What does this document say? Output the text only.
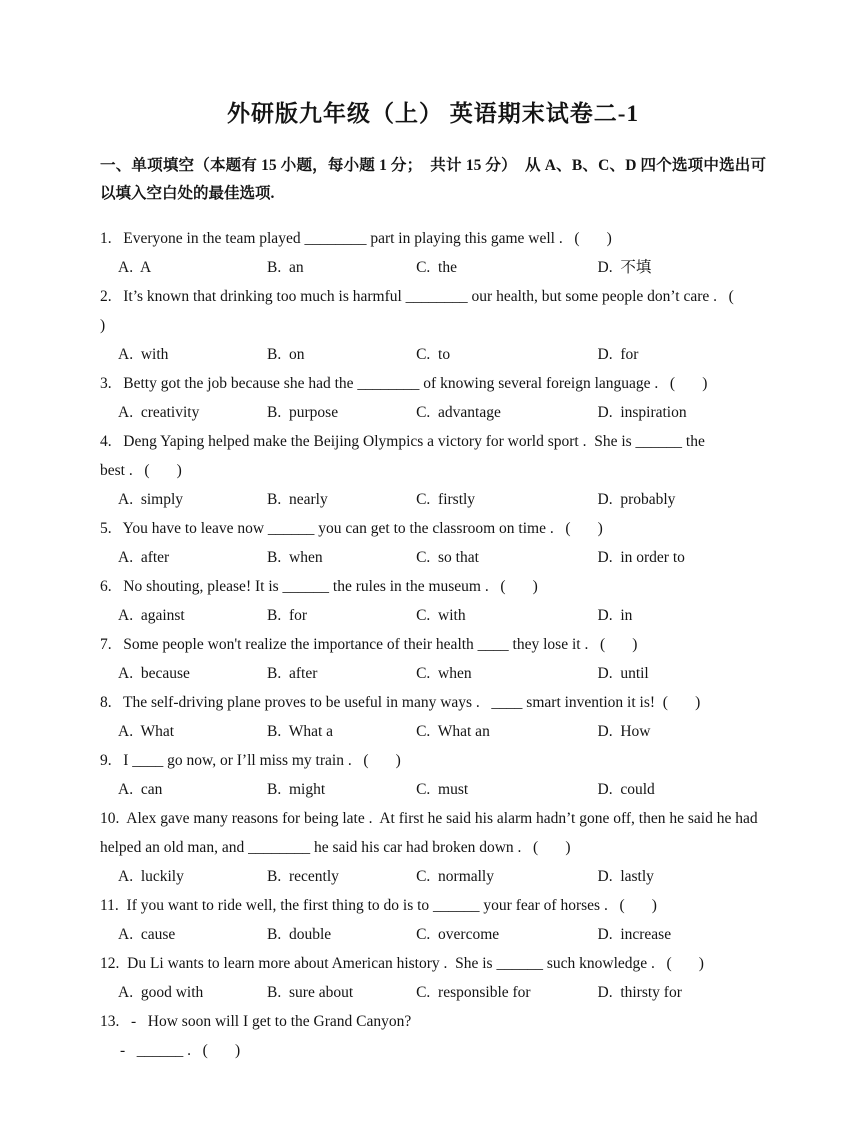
外研版九年级（上） 英语期末试卷二-1

一、单项填空（本题有 15 小题，每小题 1 分；  共计 15 分）  从 A、B、C、D 四个选项中选出可以填入空白处的最佳选项.

1.   Everyone in the team played ________ part in playing this game well .   (       )
A.  A	B.  an	C.  the	D.  不填
2.   It’s known that drinking too much is harmful ________ our health, but some people don’t care .   (       )
A.  with	B.  on	C.  to	D.  for
3.   Betty got the job because she had the ________ of knowing several foreign language .   (       )
A.  creativity	B.  purpose	C.  advantage	D.  inspiration
4.   Deng Yaping helped make the Beijing Olympics a victory for world sport .  She is ______ the
best .   (       )
A.  simply	B.  nearly	C.  firstly	D.  probably
5.   You have to leave now ______ you can get to the classroom on time .   (       )
A.  after	B.  when	C.  so that	D.  in order to
6.   No shouting, please! It is ______ the rules in the museum .   (       )
A.  against	B.  for	C.  with	D.  in
7.   Some people won't realize the importance of their health ____ they lose it .   (       )
A.  because	B.  after	C.  when	D.  until
8.   The self-driving plane proves to be useful in many ways .   ____ smart invention it is!  (       )
A.  What	B.  What a	C.  What an	D.  How
9.   I ____ go now, or I’ll miss my train .   (       )
A.  can	B.  might	C.  must	D.  could
10.  Alex gave many reasons for being late .  At first he said his alarm hadn’t gone off, then he said he had
helped an old man, and ________ he said his car had broken down .   (       )
A.  luckily	B.  recently	C.  normally	D.  lastly
11.  If you want to ride well, the first thing to do is to ______ your fear of horses .   (       )
A.  cause	B.  double	C.  overcome	D.  increase
12.  Du Li wants to learn more about American history .  She is ______ such knowledge .   (       )
A.  good with	B.  sure about	C.  responsible for	D.  thirsty for
13.   -   How soon will I get to the Grand Canyon?
-   ______ .   (       )
